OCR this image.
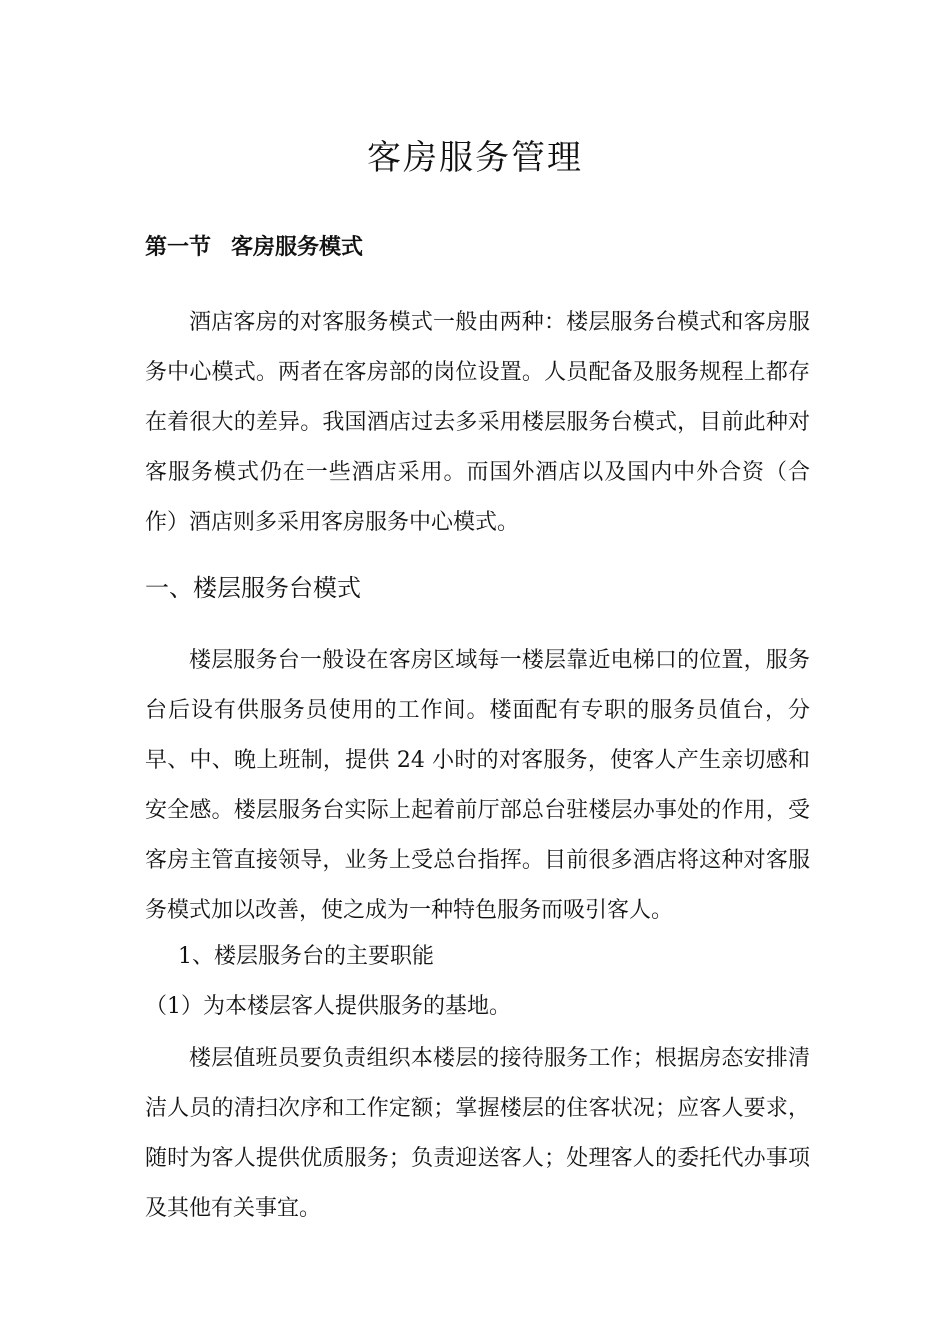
客房服务管理
第一节 客房服务模式

酒店客房的对客服务模式一般由两种：楼层服务台模式和客房服务中心模式。两者在客房部的岗位设置。人员配备及服务规程上都存在着很大的差异。我国酒店过去多采用楼层服务台模式，目前此种对客服务模式仍在一些酒店采用。而国外酒店以及国内中外合资（合作）酒店则多采用客房服务中心模式。

一、楼层服务台模式

楼层服务台一般设在客房区域每一楼层靠近电梯口的位置，服务台后设有供服务员使用的工作间。楼面配有专职的服务员值台，分早、中、晚上班制，提供 24 小时的对客服务，使客人产生亲切感和安全感。楼层服务台实际上起着前厅部总台驻楼层办事处的作用，受客房主管直接领导，业务上受总台指挥。目前很多酒店将这种对客服务模式加以改善，使之成为一种特色服务而吸引客人。

1、楼层服务台的主要职能

（1）为本楼层客人提供服务的基地。

楼层值班员要负责组织本楼层的接待服务工作；根据房态安排清洁人员的清扫次序和工作定额；掌握楼层的住客状况；应客人要求，随时为客人提供优质服务；负责迎送客人；处理客人的委托代办事项及其他有关事宜。
